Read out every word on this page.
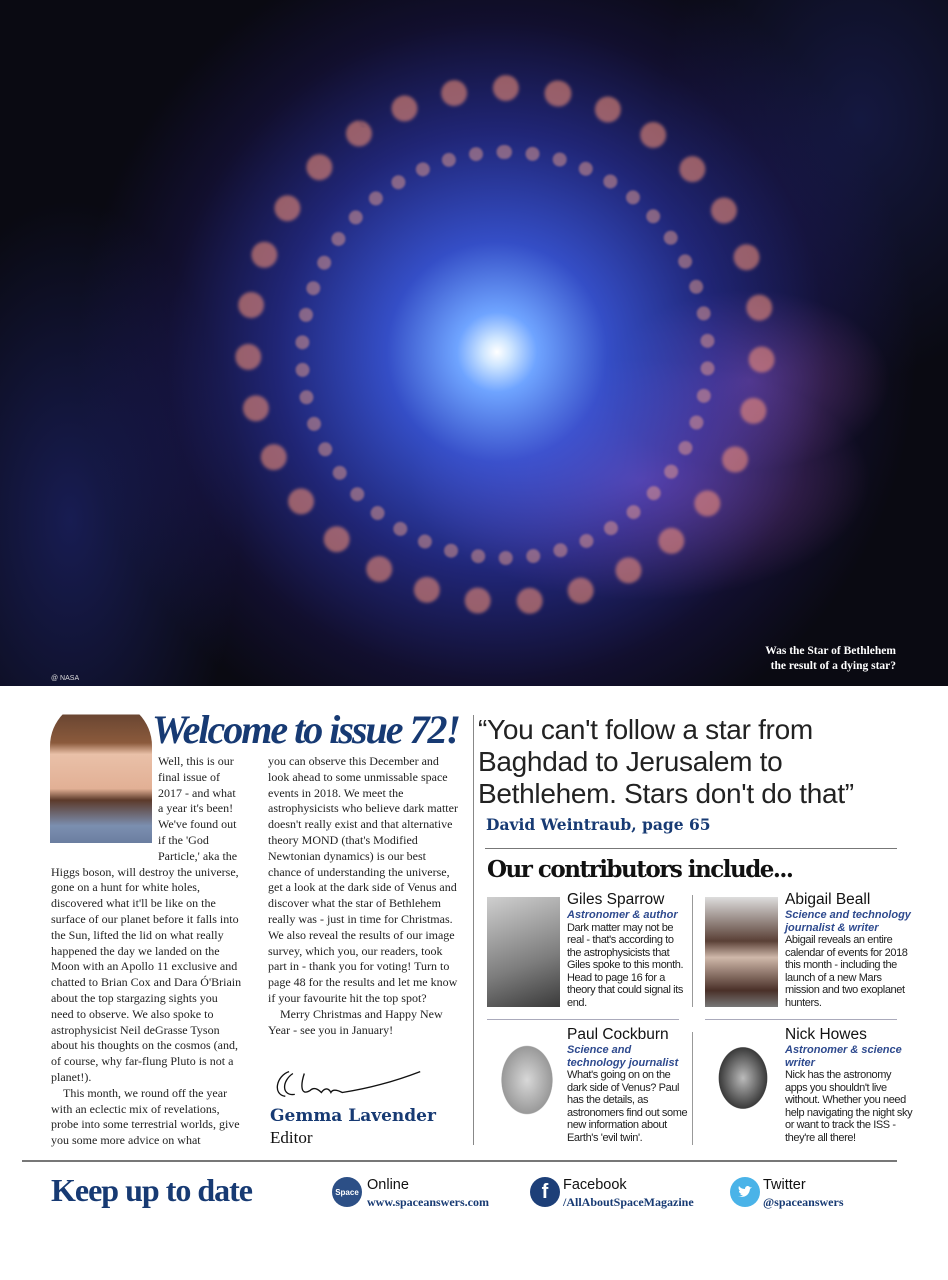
Was the Star of Bethlehem
the result of a dying star?
@ NASA
Welcome to issue 72!

Well, this is our final issue of 2017 - and what a year it's been! We've found out if the 'God Particle,' aka the Higgs boson, will destroy the universe, gone on a hunt for white holes, discovered what it'll be like on the surface of our planet before it falls into the Sun, lifted the lid on what really happened the day we landed on the Moon with an Apollo 11 exclusive and chatted to Brian Cox and Dara Ó'Briain about the top stargazing sights you need to observe. We also spoke to astrophysicist Neil deGrasse Tyson about his thoughts on the cosmos (and, of course, why far-flung Pluto is not a planet!).

This month, we round off the year with an eclectic mix of revelations, probe into some terrestrial worlds, give you some more advice on what

you can observe this December and look ahead to some unmissable space events in 2018. We meet the astrophysicists who believe dark matter doesn't really exist and that alternative theory MOND (that's Modified Newtonian dynamics) is our best chance of understanding the universe, get a look at the dark side of Venus and discover what the star of Bethlehem really was - just in time for Christmas. We also reveal the results of our image survey, which you, our readers, took part in - thank you for voting! Turn to page 48 for the results and let me know if your favourite hit the top spot?

Merry Christmas and Happy New Year - see you in January!

Gemma Lavender
Editor
“You can't follow a star from Baghdad to Jerusalem to Bethlehem. Stars don't do that”
David Weintraub, page 65
Our contributors include...
Giles Sparrow
Astronomer & author
Dark matter may not be real - that's according to the astrophysicists that Giles spoke to this month. Head to page 16 for a theory that could signal its end.
Abigail Beall
Science and technology journalist & writer
Abigail reveals an entire calendar of events for 2018 this month - including the launch of a new Mars mission and two exoplanet hunters.
Paul Cockburn
Science and technology journalist
What's going on on the dark side of Venus? Paul has the details, as astronomers find out some new information about Earth's 'evil twin'.
Nick Howes
Astronomer & science writer
Nick has the astronomy apps you shouldn't live without. Whether you need help navigating the night sky or want to track the ISS - they're all there!
Keep up to date	Space Online
www.spaceanswers.com	f	Facebook
/AllAboutSpaceMagazine
Twitter
@spaceanswers
